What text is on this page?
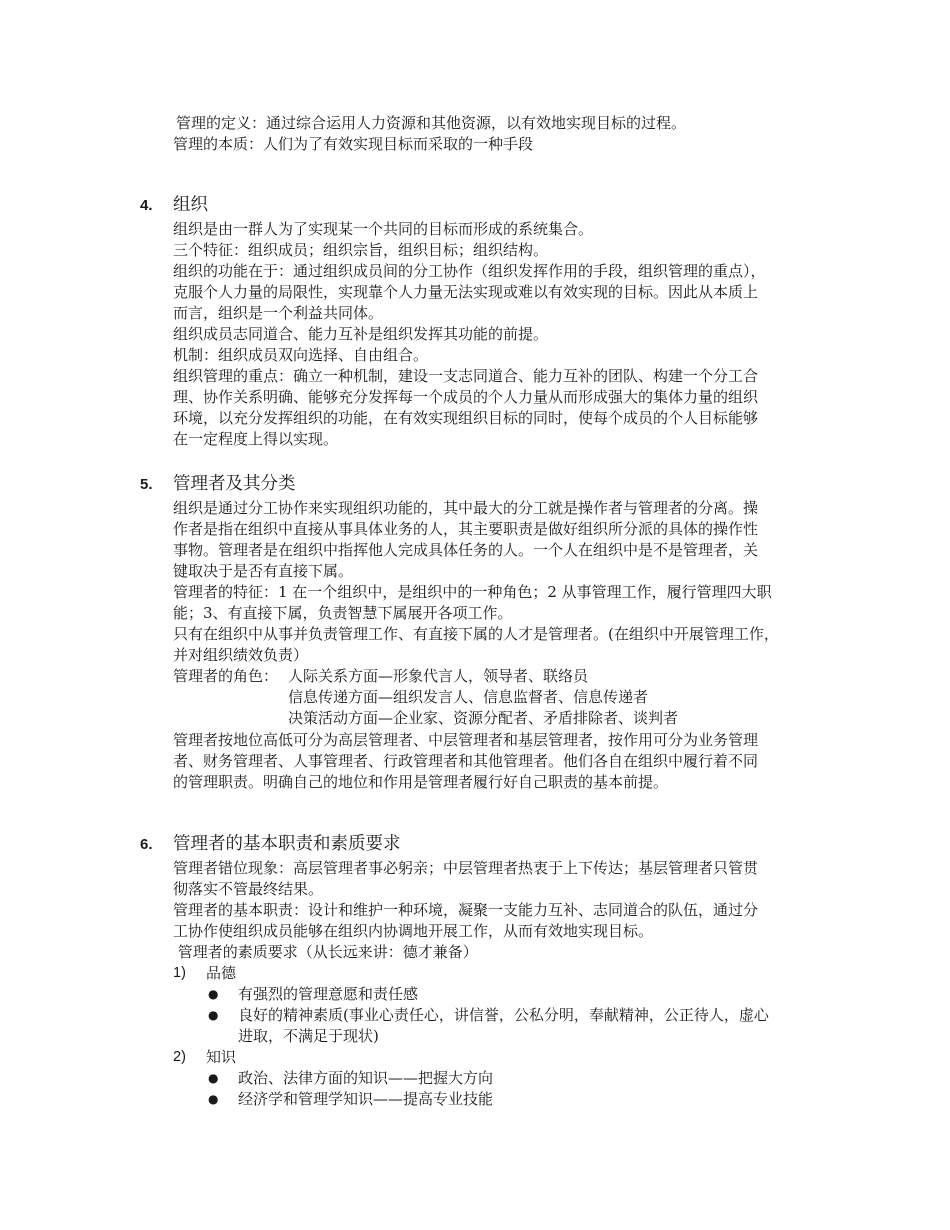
管理的定义：通过综合运用人力资源和其他资源，以有效地实现目标的过程。
管理的本质：人们为了有效实现目标而采取的一种手段
4. 组织
组织是由一群人为了实现某一个共同的目标而形成的系统集合。
三个特征：组织成员；组织宗旨，组织目标；组织结构。
组织的功能在于：通过组织成员间的分工协作（组织发挥作用的手段，组织管理的重点），
克服个人力量的局限性，实现靠个人力量无法实现或难以有效实现的目标。因此从本质上
而言，组织是一个利益共同体。
组织成员志同道合、能力互补是组织发挥其功能的前提。
机制：组织成员双向选择、自由组合。
组织管理的重点：确立一种机制，建设一支志同道合、能力互补的团队、构建一个分工合
理、协作关系明确、能够充分发挥每一个成员的个人力量从而形成强大的集体力量的组织
环境，以充分发挥组织的功能，在有效实现组织目标的同时，使每个成员的个人目标能够
在一定程度上得以实现。
5. 管理者及其分类
组织是通过分工协作来实现组织功能的，其中最大的分工就是操作者与管理者的分离。操
作者是指在组织中直接从事具体业务的人，其主要职责是做好组织所分派的具体的操作性
事物。管理者是在组织中指挥他人完成具体任务的人。一个人在组织中是不是管理者，关
键取决于是否有直接下属。
管理者的特征：1 在一个组织中，是组织中的一种角色；2 从事管理工作，履行管理四大职
能；3、有直接下属，负责智慧下属展开各项工作。
只有在组织中从事并负责管理工作、有直接下属的人才是管理者。(在组织中开展管理工作，
并对组织绩效负责）
管理者的角色： 人际关系方面—形象代言人，领导者、联络员
信息传递方面—组织发言人、信息监督者、信息传递者
决策活动方面—企业家、资源分配者、矛盾排除者、谈判者
管理者按地位高低可分为高层管理者、中层管理者和基层管理者，按作用可分为业务管理
者、财务管理者、人事管理者、行政管理者和其他管理者。他们各自在组织中履行着不同
的管理职责。明确自己的地位和作用是管理者履行好自己职责的基本前提。
6. 管理者的基本职责和素质要求
管理者错位现象：高层管理者事必躬亲；中层管理者热衷于上下传达；基层管理者只管贯
彻落实不管最终结果。
管理者的基本职责：设计和维护一种环境，凝聚一支能力互补、志同道合的队伍，通过分
工协作使组织成员能够在组织内协调地开展工作，从而有效地实现目标。
管理者的素质要求（从长远来讲：德才兼备）
1) 品德
● 有强烈的管理意愿和责任感
● 良好的精神素质(事业心责任心，讲信誉，公私分明，奉献精神，公正待人，虚心
进取，不满足于现状)
2) 知识
● 政治、法律方面的知识——把握大方向
● 经济学和管理学知识——提高专业技能
